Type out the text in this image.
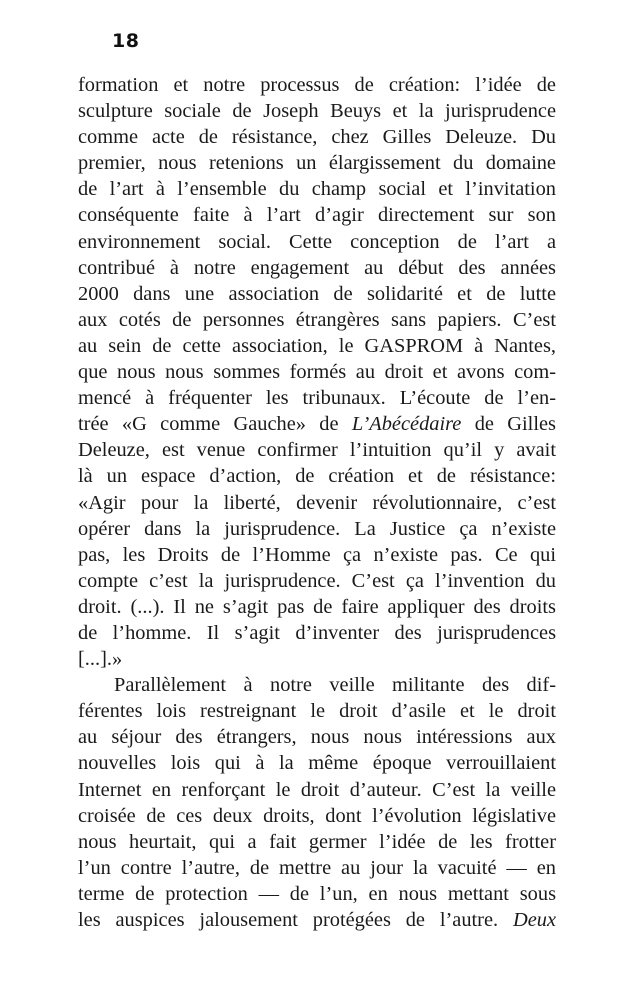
18
formation et notre processus de création: l’idée de
sculpture sociale de Joseph Beuys et la jurisprudence
comme acte de résistance, chez Gilles Deleuze. Du
premier, nous retenions un élargissement du domaine
de l’art à l’ensemble du champ social et l’invitation
conséquente faite à l’art d’agir directement sur son
environnement social. Cette conception de l’art a
contribué à notre engagement au début des années
2000 dans une association de solidarité et de lutte
aux cotés de personnes étrangères sans papiers. C’est
au sein de cette association, le GASPROM à Nantes,
que nous nous sommes formés au droit et avons com-
mencé à fréquenter les tribunaux. L’écoute de l’en-
trée «G comme Gauche» de L’Abécédaire de Gilles
Deleuze, est venue confirmer l’intuition qu’il y avait
là un espace d’action, de création et de résistance:
«Agir pour la liberté, devenir révolutionnaire, c’est
opérer dans la jurisprudence. La Justice ça n’existe
pas, les Droits de l’Homme ça n’existe pas. Ce qui
compte c’est la jurisprudence. C’est ça l’invention du
droit. (...). Il ne s’agit pas de faire appliquer des droits
de l’homme. Il s’agit d’inventer des jurisprudences
[...].»
Parallèlement à notre veille militante des dif-
férentes lois restreignant le droit d’asile et le droit
au séjour des étrangers, nous nous intéressions aux
nouvelles lois qui à la même époque verrouillaient
Internet en renforçant le droit d’auteur. C’est la veille
croisée de ces deux droits, dont l’évolution législative
nous heurtait, qui a fait germer l’idée de les frotter
l’un contre l’autre, de mettre au jour la vacuité — en
terme de protection — de l’un, en nous mettant sous
les auspices jalousement protégées de l’autre. Deux
